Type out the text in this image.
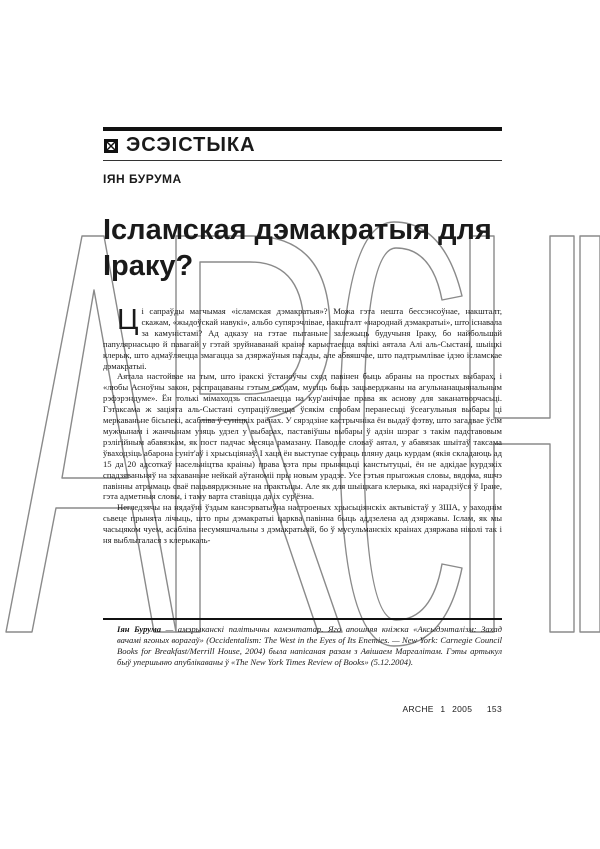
ЭСЭІСТЫКА
ІЯН БУРУМА
Ісламская дэмакратыя для Іраку?

Ці сапраўды магчымая «ісламская дэмакратыя»? Можа гэта нешта бессэнсоўнае, накшталт, скажам, «жыдоўскай навукі», альбо супярэчлівае, накшталт «народнай дэмакратыі», што існавала за камуністамі? Ад адказу на гэтае пытаньне залежыць будучыня Іраку, бо найбольшай папулярнасьцю й павагай у гэтай зруйнаванай краіне карыстаецца вялікі аятала Алі аль-Сыстані, шыіцкі клерык, што адмаўляецца змагацца за дзяржаўныя пасады, але абвяшчае, што падтрымлівае ідэю ісламскае дэмакратыі.

Аятала настойвае на тым, што іракскі ўстаноўчы сход павінен быць абраны на простых выбарах, і «любы Асноўны закон, распрацаваны гэтым сходам, мусіць быць зацьверджаны на агульнанацыянальным рэфэрэндуме». Ён толькі мімаходзь спасылаецца на кур'анічнае права як аснову для заканатворчасьці. Гэтаксама ж заціята аль-Сыстані супраціўляецца ўсякім спробам перанесьці ўсеагульныя выбары ці меркаваньне бісьпекі, асабліва ў суніцкіх раёнах. У сярэдзіне кастрычніка ён выдаў фэтву, што загадвае ўсім мужчынам і жанчынам узяць удзел у выбарах, паставіўшы выбары ў адзін шэраг з такім падставовым рэлігійным абавязкам, як пост падчас месяца рамазану. Паводле словаў аятал, у абавязак шыітаў таксама ўваходзіць абарона суніт'аў і хрысьціянаў. І хаця ён выступае супраць пляну даць курдам (якія складаюць ад 15 да 20 адсоткаў насельніцтва краіны) права вэта пры прыняцьці канстытуцыі, ён не адкідае курдзкіх спадзяваньняў на захаваньне нейкай аўтаноміі пры новым урадзе. Усе гэтыя прыгожыя словы, вядома, яшчэ павінны атрымаць сваё пацьвярджэньне на практыцы. Але як для шыіцкага клерыка, які нарадзіўся ў Іране, гэта адметныя словы, і таму варта ставіцца да іх сур'ёзна.

Негледзячы на нядаўні ўздым кансэрватыўна настроеных хрысьціянскіх актывістаў у ЗША, у заходнім сьвеце прынята лічыць, што пры дэмакратыі царква павінна быць аддзелена ад дзяржавы. Іслам, як мы часьцяком чуем, асабліва несумяшчальны з дэмакратыяй, бо ў мусульманскіх краінах дзяржава ніколі так і ня выблыталася з клерыкаль-

Іян Бурума — амэрыканскі палітычны камэнтатар. Яго апошняя кніжка «Аксыдэнталізм: Захад вачамі ягоных ворагаў» (Occidentalism: The West in the Eyes of Its Enemies. — New York: Carnegie Council Books for Breakfast/Merrill House, 2004) была напісаная разам з Авішаем Маргалітам. Гэты артыкул быў упершыню апублікаваны ў «The New York Times Review of Books» (5.12.2004).
ARCHE 1 2005 153
